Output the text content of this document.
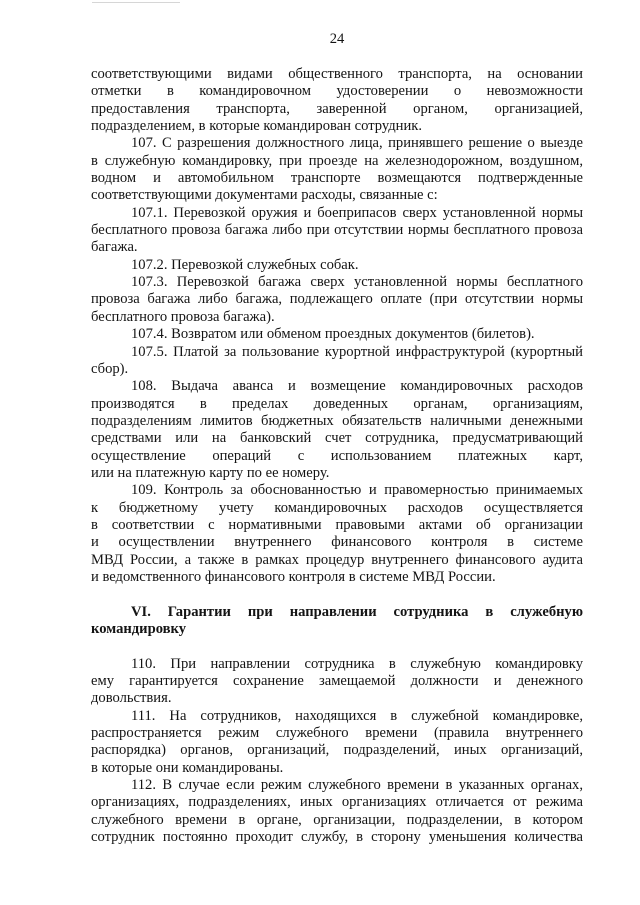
24
соответствующими видами общественного транспорта, на основании
отметки в командировочном удостоверении о невозможности
предоставления транспорта, заверенной органом, организацией,
подразделением, в которые командирован сотрудник.
107. С разрешения должностного лица, принявшего решение о выезде
в служебную командировку, при проезде на железнодорожном, воздушном,
водном и автомобильном транспорте возмещаются подтвержденные
соответствующими документами расходы, связанные с:
107.1. Перевозкой оружия и боеприпасов сверх установленной нормы
бесплатного провоза багажа либо при отсутствии нормы бесплатного провоза
багажа.
107.2. Перевозкой служебных собак.
107.3. Перевозкой багажа сверх установленной нормы бесплатного
провоза багажа либо багажа, подлежащего оплате (при отсутствии нормы
бесплатного провоза багажа).
107.4. Возвратом или обменом проездных документов (билетов).
107.5. Платой за пользование курортной инфраструктурой (курортный
сбор).
108. Выдача аванса и возмещение командировочных расходов
производятся в пределах доведенных органам, организациям,
подразделениям лимитов бюджетных обязательств наличными денежными
средствами или на банковский счет сотрудника, предусматривающий
осуществление операций с использованием платежных карт,
или на платежную карту по ее номеру.
109. Контроль за обоснованностью и правомерностью принимаемых
к бюджетному учету командировочных расходов осуществляется
в соответствии с нормативными правовыми актами об организации
и осуществлении внутреннего финансового контроля в системе
МВД России, а также в рамках процедур внутреннего финансового аудита
и ведомственного финансового контроля в системе МВД России.
VI. Гарантии при направлении сотрудника в служебную
командировку
110. При направлении сотрудника в служебную командировку
ему гарантируется сохранение замещаемой должности и денежного
довольствия.
111. На сотрудников, находящихся в служебной командировке,
распространяется режим служебного времени (правила внутреннего
распорядка) органов, организаций, подразделений, иных организаций,
в которые они командированы.
112. В случае если режим служебного времени в указанных органах,
организациях, подразделениях, иных организациях отличается от режима
служебного времени в органе, организации, подразделении, в котором
сотрудник постоянно проходит службу, в сторону уменьшения количества
